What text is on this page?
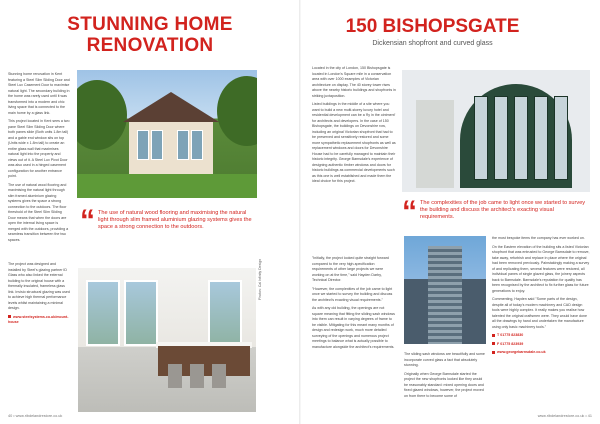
STUNNING HOME
RENOVATION

Stunning home renovation in Kent featuring a Steel Slim Sliding Door and Steel Lux Casement Door to maximise natural light. The secondary building in the home was rarely used until it was transformed into a modern and chic living space that is connected to the main home by a glass link.

This project located in Kent sees a two pane Steel Slim Sliding Door where both panes slide (Both units 1.8m tall) and a gable end window sits on top (Units wide x 1.8m tall) to create an entire glass wall that maximises natural light into the property and views out of it. A Steel Lux Pivot Door was also used in a hinged casement configuration for another entrance point.

The use of natural wood flooring and maximising the natural light through slim framed aluminium glazing systems gives the space a strong connection to the outdoors. The floor threshold of the Steel Slim Sliding Door means that when the doors are open the internal living space is merged with the outdoors, providing a seamless transition between the two spaces.

“ The use of natural wood flooring and maximising the natural light through slim framed aluminium glazing systems gives the space a strong connection to the outdoors.

The project was designed and installed by Steel's glazing partner ID Glass who also linked the external building to the original house with a thermally insulated, frameless glass link. Invisio structural glazing was used to achieve high thermal performance levels whilst maintaining a minimal design.

www.steelsystems.co.uk/mount-house

Photos: Cal Infinity Design
40 • www.ribdelandrestore.co.uk
150 BISHOPSGATE
Dickensian shopfront and curved glass

Located in the city of London, 150 Bishopsgate is located in London's Square mile in a conservation area with over 1000 examples of Victorian architecture on display. The 40 storey tower rises above the nearby historic buildings and shopfronts in striking juxtaposition.

Listed buildings in the middle of a site where you want to build a new multi-storey luxury hotel and residential development can be a 'fly in the ointment' for architects and developers. In the case of 150 Bishopsgate, the buildings on Devonshire row, including an original Victorian shopfront that had to be preserved and sensitively restored and some more sympathetic replacement shopfronts as well as replacement windows and doors for Devonshire House had to be carefully managed to maintain their historic integrity. George Barnsdale's experience of designing authentic timber windows and doors for historic buildings as commercial developments such as this one is well established and made them the ideal choice for this project.

“ The complexities of the job came to light once we started to survey the building and discuss the architect's exacting visual requirements.

"Initially, the project looked quite straight forward compared to the very high-specification requirements of other large projects we were working on at the time," said Hayden Darby, Technical Director.

"However, the complexities of the job came to light once we started to survey the building and discuss the architect's exacting visual requirements."

As with any old building, the openings are not square meaning that fitting the sliding sash windows into them can result in varying degrees of frame to be visible. Mitigating for this meant many months of design and redesign work, much more detailed surveying of the openings and numerous project meetings to balance what is actually possible to manufacture alongside the architect's requirements.

the most bespoke items the company has ever worked on.

On the Eastern elevation of the building sits a listed Victorian shopfront that was entrusted to George Barnsdale to remove, take away, refurbish and replace in place where the original had been removed previously. Painstakingly making a survey of and replicating them, several features were restored, all individual panes of single glazed glass, the joinery aspects back to Barnsdale. Barnsdale's reputation for quality has been recognised by the architect to fix further glass for future generations to enjoy.

Commenting, Hayden said "Some parts of the design, despite all of today's modern machinery and CAD design tools were highly complex. It really makes you realise how talented the original craftsmen were. They would have done all the drawings by hand and undertaken the manufacture using only basic machinery tools."

T 01775 823830

F 01775 823939

www.georgebarnsdale.co.uk

The sliding sash windows are beautifully and some incorporate curved glass a fact that absolutely stunning.

Originally when George Barnsdale started the project the new shopfronts looked like they would be reasonably standard: mixed opening doors and fixed glazed windows, however, the project moved on from there to become some of

www.ribdelandrestore.co.uk • 41
